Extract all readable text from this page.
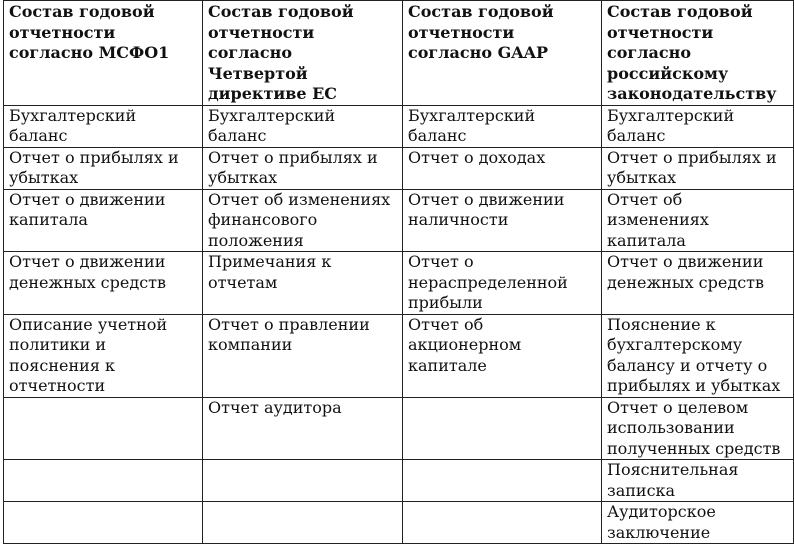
Состав годовой отчетности согласно МСФО1	Состав годовой отчетности согласно Четвертой директиве ЕС	Состав годовой отчетности согласно GAAP	Состав годовой отчетности согласно российскому законодательству
Бухгалтерский баланс	Бухгалтерский баланс	Бухгалтерский баланс	Бухгалтерский баланс
Отчет о прибылях и убытках	Отчет о прибылях и убытках	Отчет о доходах	Отчет о прибылях и убытках
Отчет о движении капитала	Отчет об изменениях финансового положения	Отчет о движении наличности	Отчет об изменениях капитала
Отчет о движении денежных средств	Примечания к отчетам	Отчет о нераспределенной прибыли	Отчет о движении денежных средств
Описание учетной политики и пояснения к отчетности	Отчет о правлении компании	Отчет об акционерном капитале	Пояснение к бухгалтерскому балансу и отчету о прибылях и убытках
	Отчет аудитора		Отчет о целевом использовании полученных средств
			Пояснительная записка
			Аудиторское заключение
